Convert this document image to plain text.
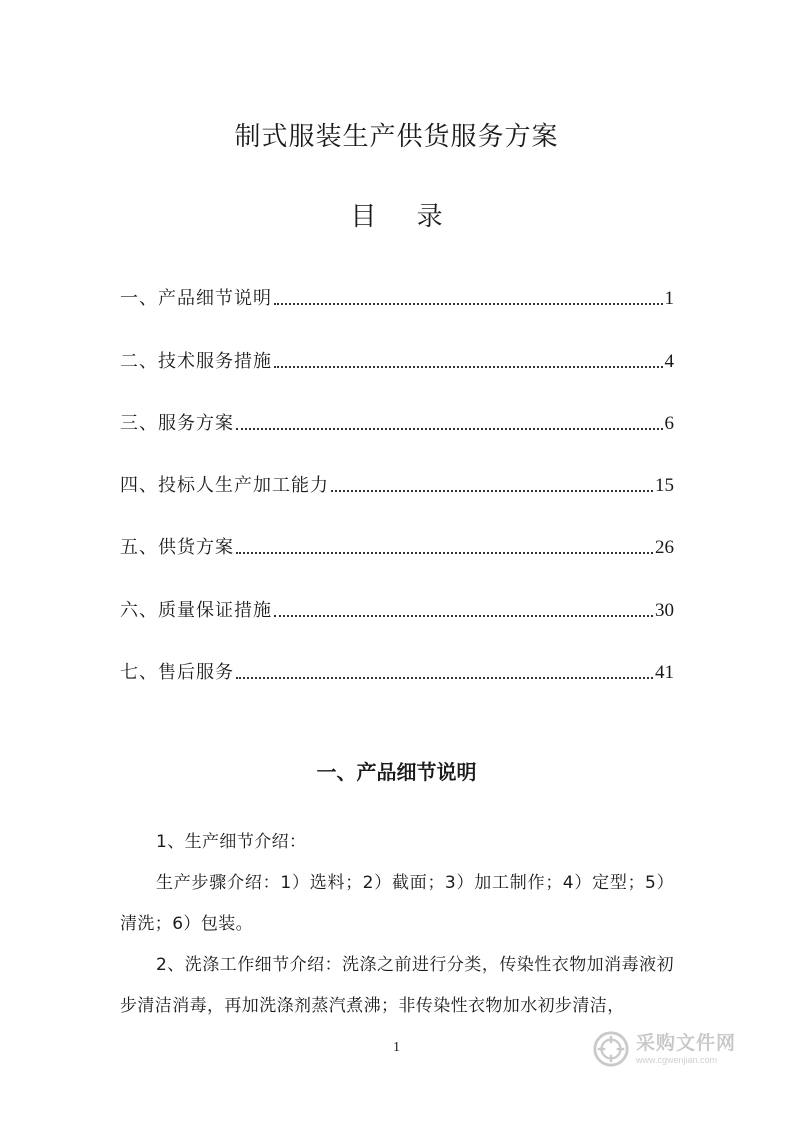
制式服装生产供货服务方案
目 录
一、产品细节说明	1
二、技术服务措施	4
三、服务方案	6
四、投标人生产加工能力	15
五、供货方案	26
六、质量保证措施	30
七、售后服务	41
一、产品细节说明

1、生产细节介绍：

生产步骤介绍：1）选料；2）截面；3）加工制作；4）定型；5）清洗；6）包装。

2、洗涤工作细节介绍：洗涤之前进行分类，传染性衣物加消毒液初步清洁消毒，再加洗涤剂蒸汽煮沸；非传染性衣物加水初步清洁，

1	采购文件网
www.cgwenjian.com
